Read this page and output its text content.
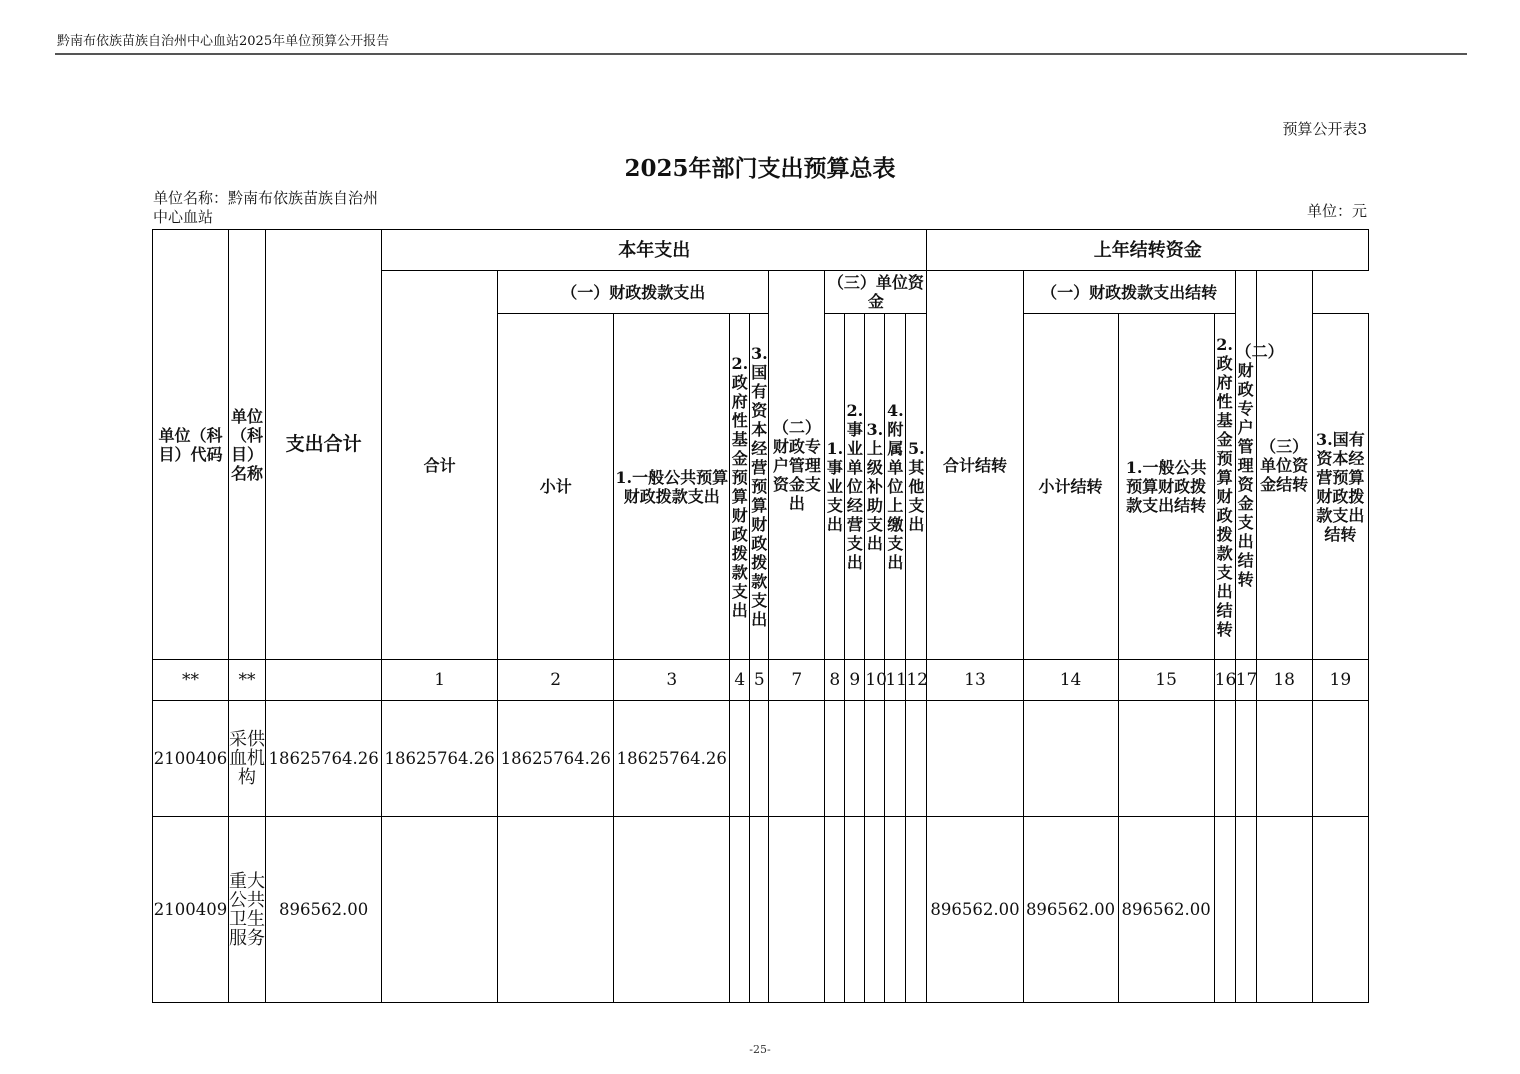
黔南布依族苗族自治州中心血站2025年单位预算公开报告
预算公开表3
2025年部门支出预算总表
单位名称：黔南布依族苗族自治州中心血站	单位：元
单位（科目）代码	单位（科目）名称	支出合计	本年支出											上年结转资金						
			合计	（一）财政拨款支出				（二）财政专户管理资金支出	（三）单位资金					合计结转	（一）财政拨款支出结转			（二）财政专户管理资金支出结转	（三）单位资金结转	
				小计	1.一般公共预算财政拨款支出	2.政府性基金预算财政拨款支出	3.国有资本经营预算财政拨款支出		1.事业支出	2.事业单位经营支出	3.上级补助支出	4.附属单位上缴支出	5.其他支出		小计结转	1.一般公共预算财政拨款支出结转	2.政府性基金预算财政拨款支出结转			3.国有资本经营预算财政拨款支出结转
**	**		1	2	3	4	5	7	8	9	10	11	12	13	14	15	16	17	18	19
2100406	采供血机构	18625764.26	18625764.26	18625764.26	18625764.26															
2100409	重大公共卫生服务	896562.00												896562.00	896562.00	896562.00				
-25-
